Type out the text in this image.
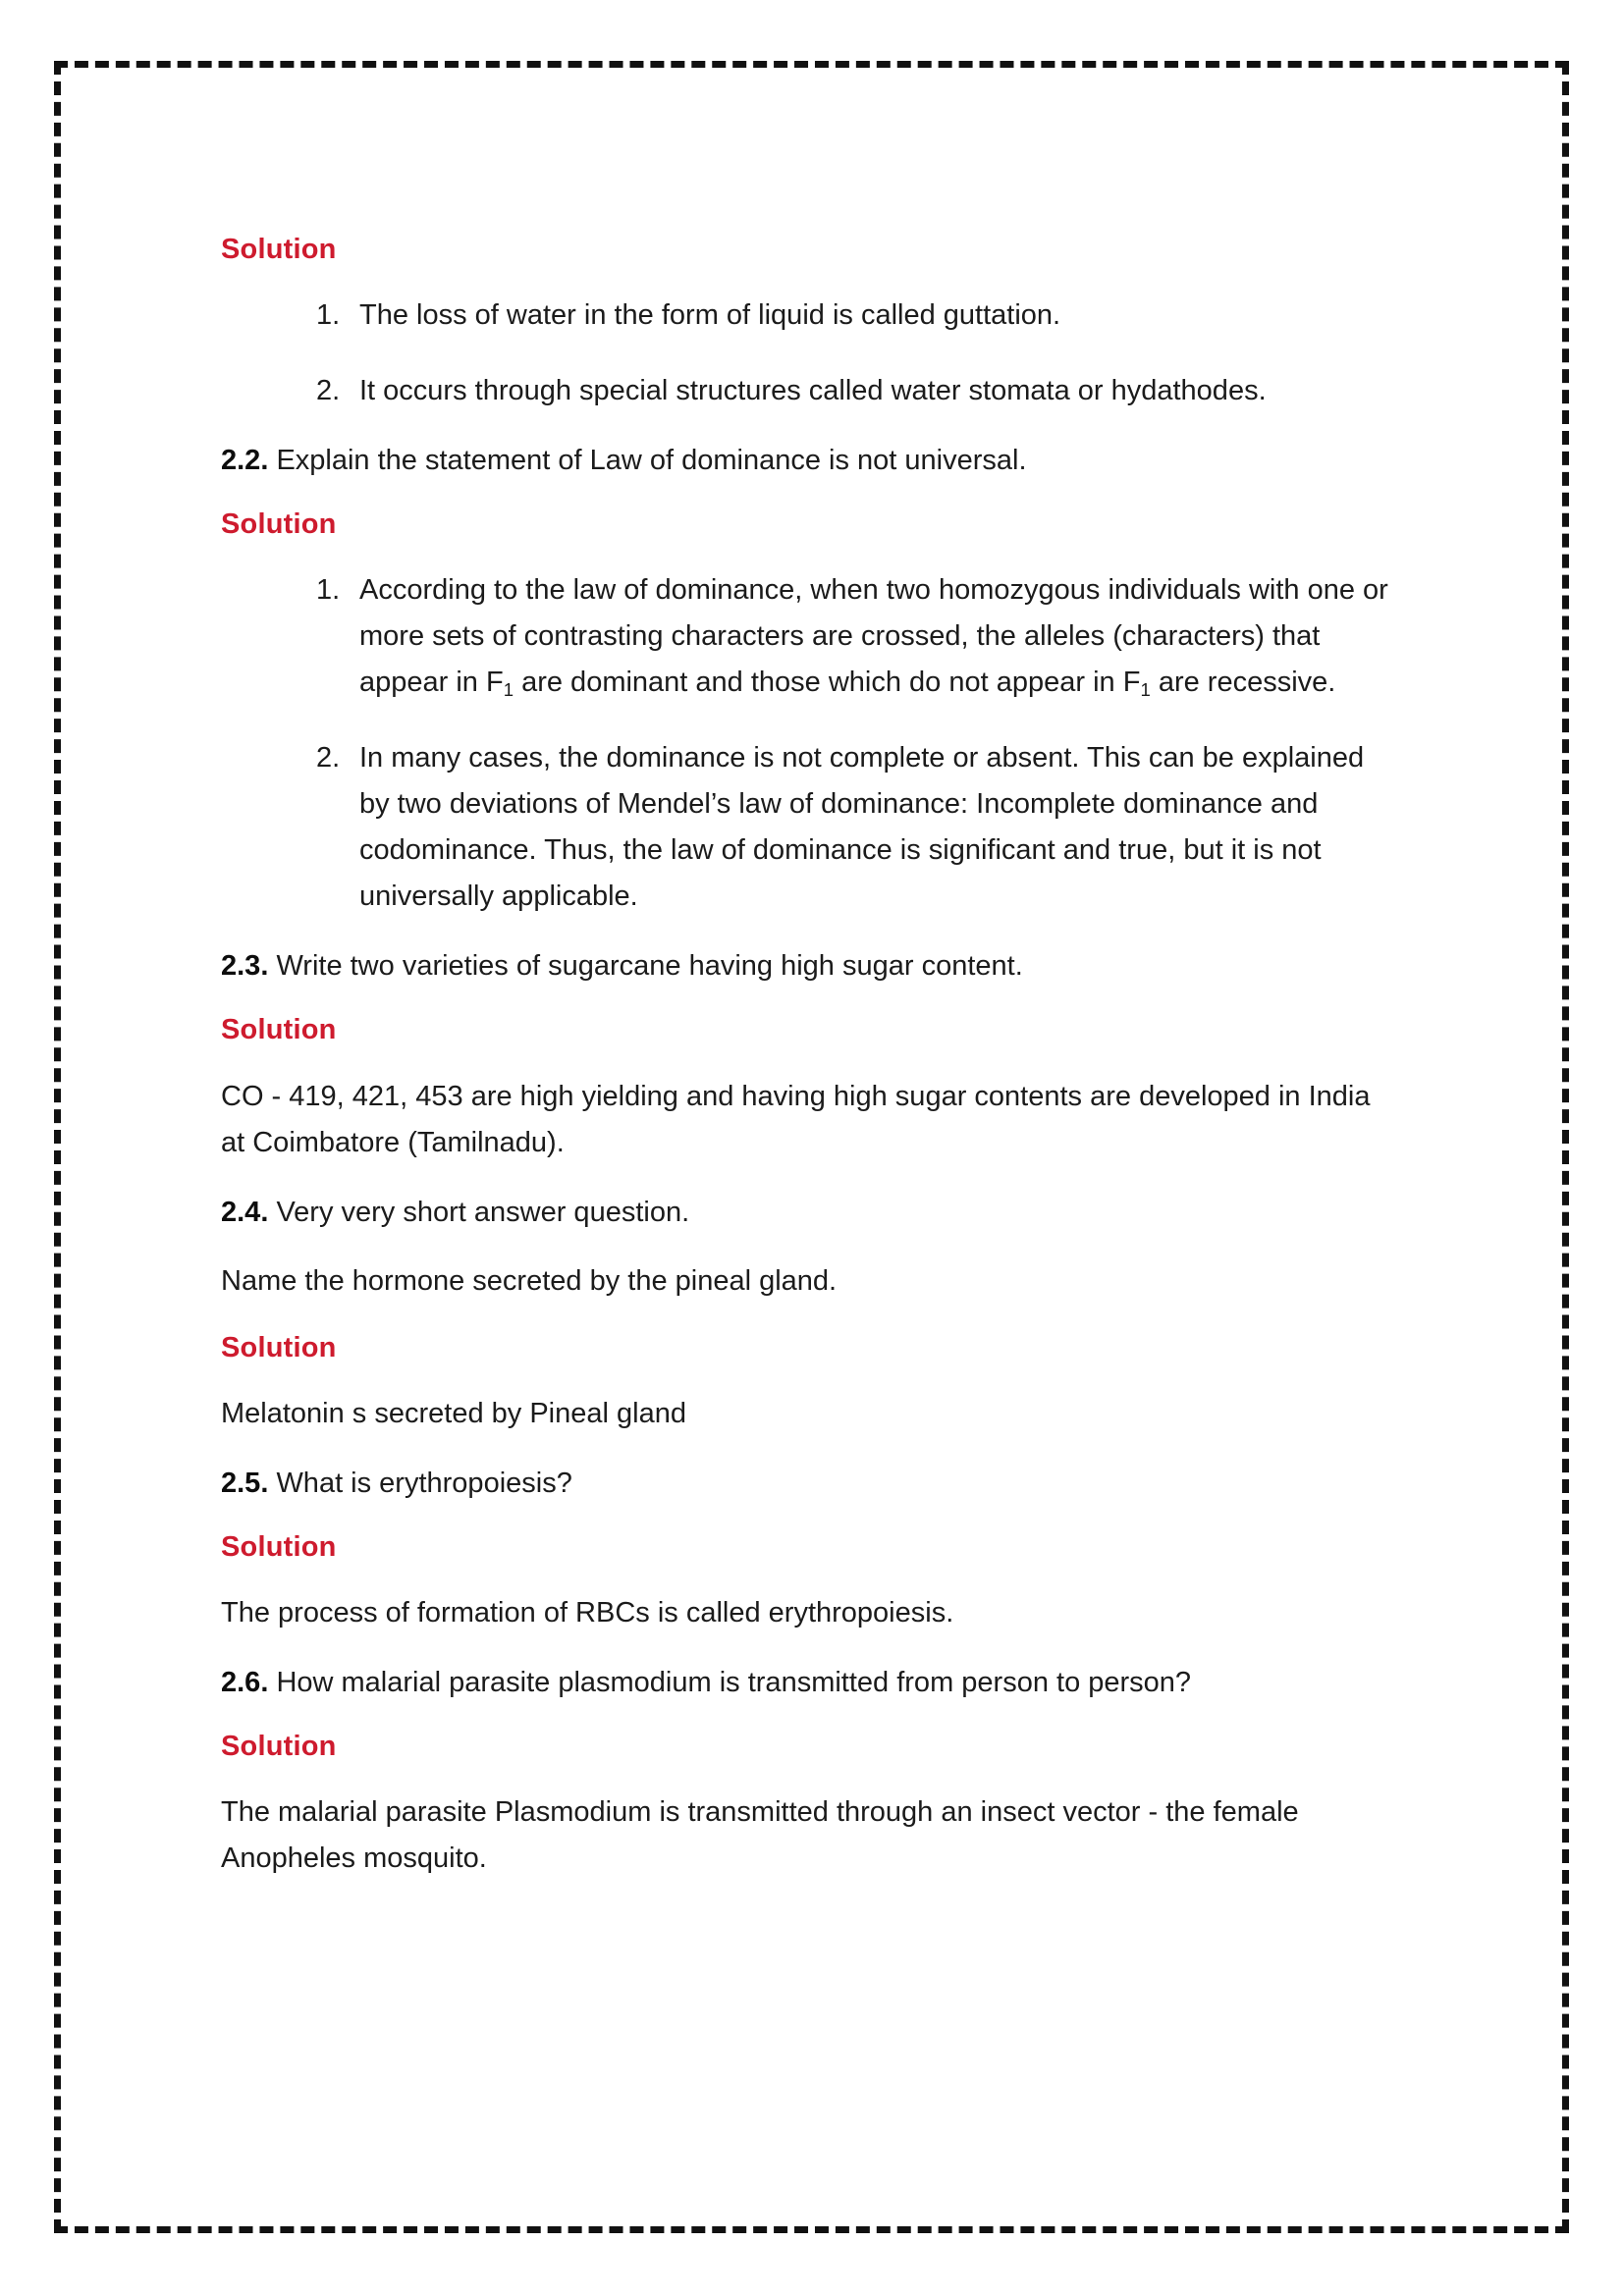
Solution

The loss of water in the form of liquid is called guttation.
It occurs through special structures called water stomata or hydathodes.

2.2. Explain the statement of Law of dominance is not universal.

Solution

According to the law of dominance, when two homozygous individuals with one or more sets of contrasting characters are crossed, the alleles (characters) that appear in $F_1$ are dominant and those which do not appear in $F_1$ are recessive.
In many cases, the dominance is not complete or absent. This can be explained by two deviations of Mendel’s law of dominance: Incomplete dominance and codominance. Thus, the law of dominance is significant and true, but it is not universally applicable.

2.3. Write two varieties of sugarcane having high sugar content.

Solution

CO - 419, 421, 453 are high yielding and having high sugar contents are developed in India at Coimbatore (Tamilnadu).

2.4. Very very short answer question.

Name the hormone secreted by the pineal gland.

Solution

Melatonin s secreted by Pineal gland

2.5. What is erythropoiesis?

Solution

The process of formation of RBCs is called erythropoiesis.

2.6. How malarial parasite plasmodium is transmitted from person to person?

Solution

The malarial parasite Plasmodium is transmitted through an insect vector - the female Anopheles mosquito.
